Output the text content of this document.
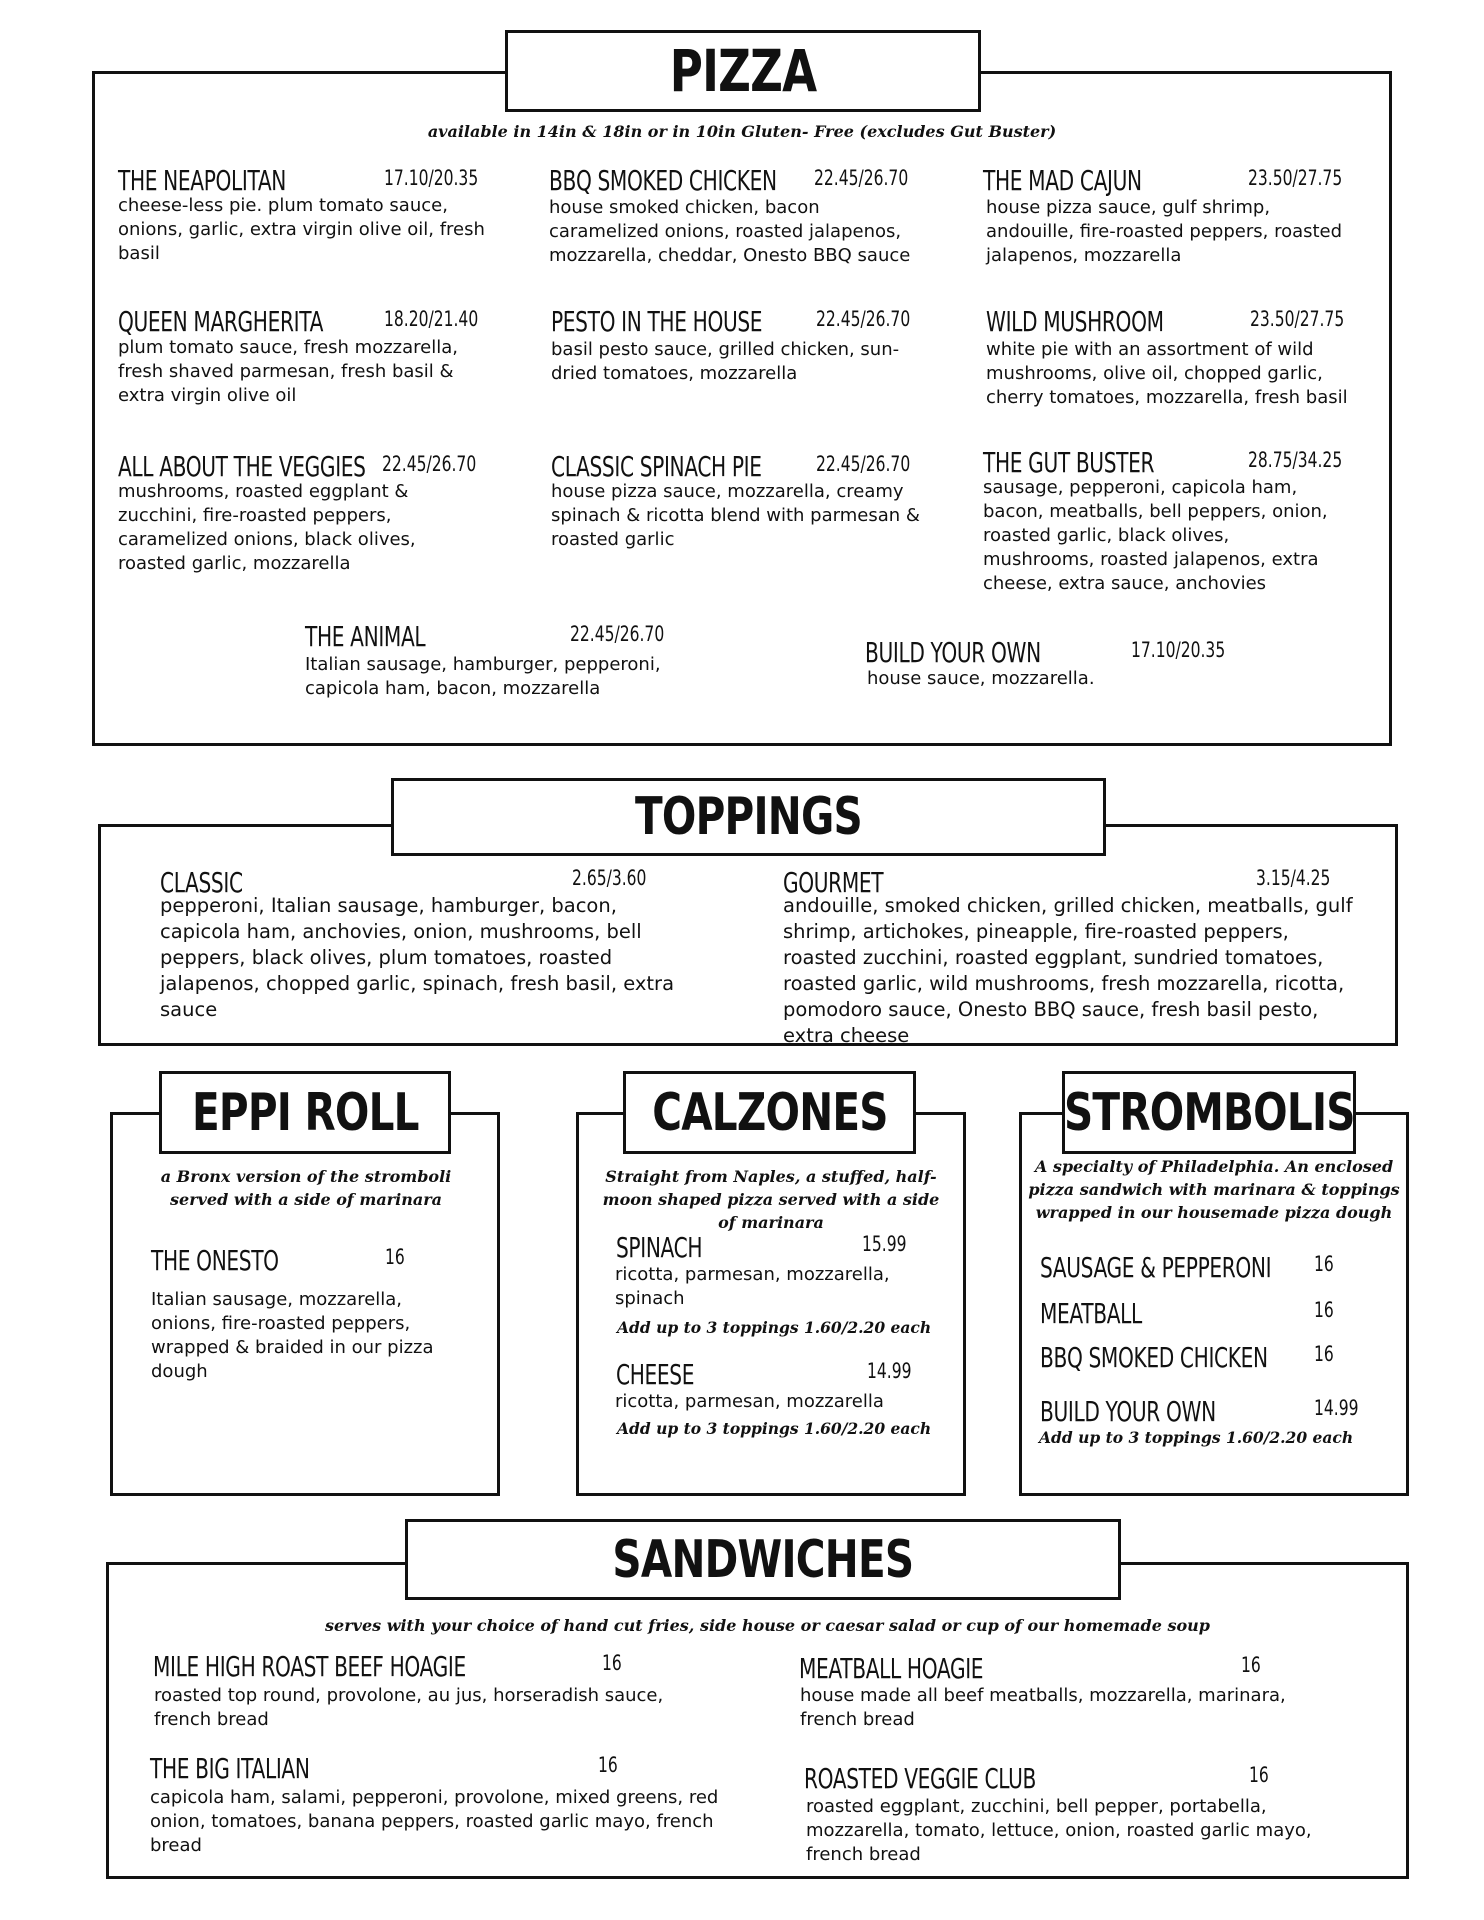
PIZZA
available in 14in & 18in or in 10in Gluten- Free (excludes Gut Buster)
THE NEAPOLITAN	17.10/20.35
cheese-less pie. plum tomato sauce, onions, garlic, extra virgin olive oil, fresh basil
BBQ SMOKED CHICKEN 22.45/26.70
house smoked chicken, bacon caramelized onions, roasted jalapenos, mozzarella, cheddar, Onesto BBQ sauce
THE MAD CAJUN	23.50/27.75
house pizza sauce, gulf shrimp, andouille, fire-roasted peppers, roasted jalapenos, mozzarella
QUEEN MARGHERITA	18.20/21.40
plum tomato sauce, fresh mozzarella, fresh shaved parmesan, fresh basil & extra virgin olive oil
PESTO IN THE HOUSE	22.45/26.70
basil pesto sauce, grilled chicken, sun-dried tomatoes, mozzarella
WILD MUSHROOM	23.50/27.75
white pie with an assortment of wild mushrooms, olive oil, chopped garlic, cherry tomatoes, mozzarella, fresh basil
ALL ABOUT THE VEGGIES 22.45/26.70
mushrooms, roasted eggplant & zucchini, fire-roasted peppers, caramelized onions, black olives, roasted garlic, mozzarella
CLASSIC SPINACH PIE	22.45/26.70
house pizza sauce, mozzarella, creamy spinach & ricotta blend with parmesan & roasted garlic
THE GUT BUSTER	28.75/34.25
sausage, pepperoni, capicola ham, bacon, meatballs, bell peppers, onion, roasted garlic, black olives, mushrooms, roasted jalapenos, extra cheese, extra sauce, anchovies
THE ANIMAL	22.45/26.70
Italian sausage, hamburger, pepperoni, capicola ham, bacon, mozzarella
BUILD YOUR OWN	17.10/20.35
house sauce, mozzarella.
TOPPINGS
CLASSIC	2.65/3.60
pepperoni, Italian sausage, hamburger, bacon, capicola ham, anchovies, onion, mushrooms, bell peppers, black olives, plum tomatoes, roasted jalapenos, chopped garlic, spinach, fresh basil, extra sauce
GOURMET	3.15/4.25
andouille, smoked chicken, grilled chicken, meatballs, gulf shrimp, artichokes, pineapple, fire-roasted peppers, roasted zucchini, roasted eggplant, sundried tomatoes, roasted garlic, wild mushrooms, fresh mozzarella, ricotta, pomodoro sauce, Onesto BBQ sauce, fresh basil pesto, extra cheese
EPPI ROLL
a Bronx version of the stromboli served with a side of marinara
THE ONESTO	16
Italian sausage, mozzarella, onions, fire-roasted peppers, wrapped & braided in our pizza dough
CALZONES
Straight from Naples, a stuffed, half-moon shaped pizza served with a side of marinara
SPINACH	15.99
ricotta, parmesan, mozzarella, spinach
Add up to 3 toppings 1.60/2.20 each
CHEESE	14.99
ricotta, parmesan, mozzarella
Add up to 3 toppings 1.60/2.20 each
STROMBOLIS
A specialty of Philadelphia. An enclosed pizza sandwich with marinara & toppings wrapped in our housemade pizza dough
SAUSAGE & PEPPERONI 16
MEATBALL	16
BBQ SMOKED CHICKEN 16
BUILD YOUR OWN	14.99
Add up to 3 toppings 1.60/2.20 each
SANDWICHES
serves with your choice of hand cut fries, side house or caesar salad or cup of our homemade soup
MILE HIGH ROAST BEEF HOAGIE	16
roasted top round, provolone, au jus, horseradish sauce, french bread
MEATBALL HOAGIE	16
house made all beef meatballs, mozzarella, marinara, french bread
THE BIG ITALIAN	16
capicola ham, salami, pepperoni, provolone, mixed greens, red onion, tomatoes, banana peppers, roasted garlic mayo, french bread
ROASTED VEGGIE CLUB	16
roasted eggplant, zucchini, bell pepper, portabella, mozzarella, tomato, lettuce, onion, roasted garlic mayo, french bread
